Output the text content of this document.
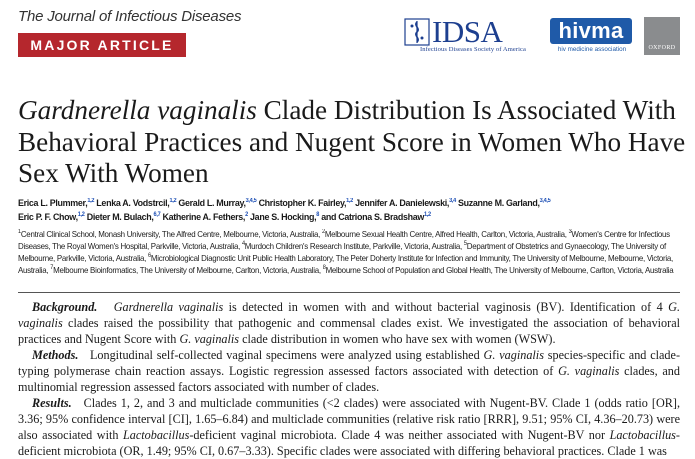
The Journal of Infectious Diseases
MAJOR ARTICLE	IDSA
Infectious Diseases Society of America
hivma
hiv medicine association	OXFORD
Gardnerella vaginalis Clade Distribution Is Associated With Behavioral Practices and Nugent Score in Women Who Have Sex With Women
Erica L. Plummer,$^{1,2}$ Lenka A. Vodstrcil,$^{1,2}$ Gerald L. Murray,$^{3,4,5}$ Christopher K. Fairley,$^{1,2}$ Jennifer A. Danielewski,$^{3,4}$ Suzanne M. Garland,$^{3,4,5}$
Eric P. F. Chow,$^{1,2}$ Dieter M. Bulach,$^{6,7}$ Katherine A. Fethers,$^2$ Jane S. Hocking,$^8$ and Catriona S. Bradshaw$^{1,2}$
$^1$Central Clinical School, Monash University, The Alfred Centre, Melbourne, Victoria, Australia, $^2$Melbourne Sexual Health Centre, Alfred Health, Carlton, Victoria, Australia, $^3$Women's Centre for Infectious Diseases, The Royal Women's Hospital, Parkville, Victoria, Australia, $^4$Murdoch Children's Research Institute, Parkville, Victoria, Australia, $^5$Department of Obstetrics and Gynaecology, The University of Melbourne, Parkville, Victoria, Australia, $^6$Microbiological Diagnostic Unit Public Health Laboratory, The Peter Doherty Institute for Infection and Immunity, The University of Melbourne, Melbourne, Victoria, Australia, $^7$Melbourne Bioinformatics, The University of Melbourne, Carlton, Victoria, Australia, $^8$Melbourne School of Population and Global Health, The University of Melbourne, Carlton, Victoria, Australia

Background. Gardnerella vaginalis is detected in women with and without bacterial vaginosis (BV). Identification of 4 G. vaginalis clades raised the possibility that pathogenic and commensal clades exist. We investigated the association of behavioral practices and Nugent Score with G. vaginalis clade distribution in women who have sex with women (WSW).

Methods. Longitudinal self-collected vaginal specimens were analyzed using established G. vaginalis species-specific and clade-typing polymerase chain reaction assays. Logistic regression assessed factors associated with detection of G. vaginalis clades, and multinomial regression assessed factors associated with number of clades.

Results. Clades 1, 2, and 3 and multiclade communities (<2 clades) were associated with Nugent-BV. Clade 1 (odds ratio [OR], 3.36; 95% confidence interval [CI], 1.65–6.84) and multiclade communities (relative risk ratio [RRR], 9.51; 95% CI, 4.36–20.73) were also associated with Lactobacillus-deficient vaginal microbiota. Clade 4 was neither associated with Nugent-BV nor Lactobacillus-deficient microbiota (OR, 1.49; 95% CI, 0.67–3.33). Specific clades were associated with differing behavioral practices. Clade 1 was
